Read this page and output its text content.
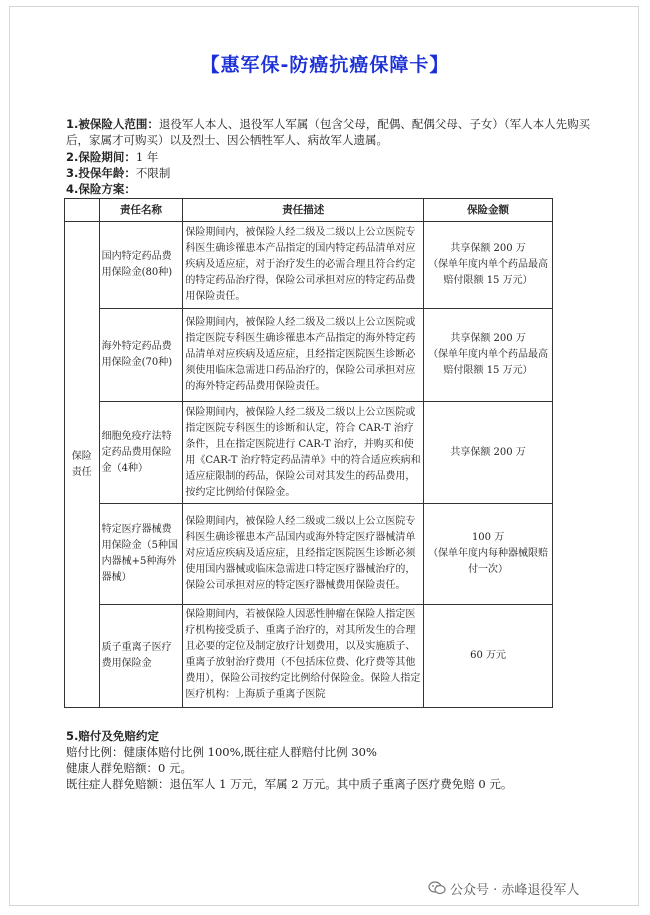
【惠军保-防癌抗癌保障卡】
1.被保险人范围：退役军人本人、退役军人军属（包含父母，配偶、配偶父母、子女）（军人本人先购买后，家属才可购买）以及烈士、因公牺牲军人、病故军人遗属。
2.保险期间：1 年
3.投保年龄：不限制
4.保险方案：
	责任名称	责任描述	保险金额
保险责任	国内特定药品费用保险金(80种)	保险期间内，被保险人经二级及二级以上公立医院专科医生确诊罹患本产品指定的国内特定药品清单对应疾病及适应症，对于治疗发生的必需合理且符合约定的特定药品治疗得，保险公司承担对应的特定药品费用保险责任。	共享保额 200 万
（保单年度内单个药品最高赔付限额 15 万元）
	海外特定药品费用保险金(70种)	保险期间内，被保险人经二级及二级以上公立医院或指定医院专科医生确诊罹患本产品指定的海外特定药品清单对应疾病及适应症，且经指定医院医生诊断必须使用临床急需进口药品治疗的，保险公司承担对应的海外特定药品费用保险责任。	共享保额 200 万
（保单年度内单个药品最高赔付限额 15 万元）
	细胞免疫疗法特定药品费用保险金（4种）	保险期间内，被保险人经二级及二级以上公立医院或指定医院专科医生的诊断和认定，符合 CAR-T 治疗条件，且在指定医院进行 CAR-T 治疗，并购买和使用《CAR-T 治疗特定药品清单》中的符合适应疾病和适应症限制的药品，保险公司对其发生的药品费用，按约定比例给付保险金。	共享保额 200 万
	特定医疗器械费用保险金（5种国内器械+5种海外器械）	保险期间内，被保险人经二级或二级以上公立医院专科医生确诊罹患本产品国内或海外特定医疗器械清单对应适应疾病及适应症，且经指定医院医生诊断必须使用国内器械或临床急需进口特定医疗器械治疗的，保险公司承担对应的特定医疗器械费用保险责任。	100 万
（保单年度内每种器械限赔付一次）
	质子重离子医疗费用保险金	保险期间内，若被保险人因恶性肿瘤在保险人指定医疗机构接受质子、重离子治疗的，对其所发生的合理且必要的定位及制定放疗计划费用，以及实施质子、重离子放射治疗费用（不包括床位费、化疗费等其他费用），保险公司按约定比例给付保险金。保险人指定医疗机构：上海质子重离子医院	60 万元
5.赔付及免赔约定
赔付比例：健康体赔付比例 100%,既往症人群赔付比例 30%
健康人群免赔额：0 元。
既往症人群免赔额：退伍军人 1 万元，军属 2 万元。其中质子重离子医疗费免赔 0 元。
公众号 · 赤峰退役军人
